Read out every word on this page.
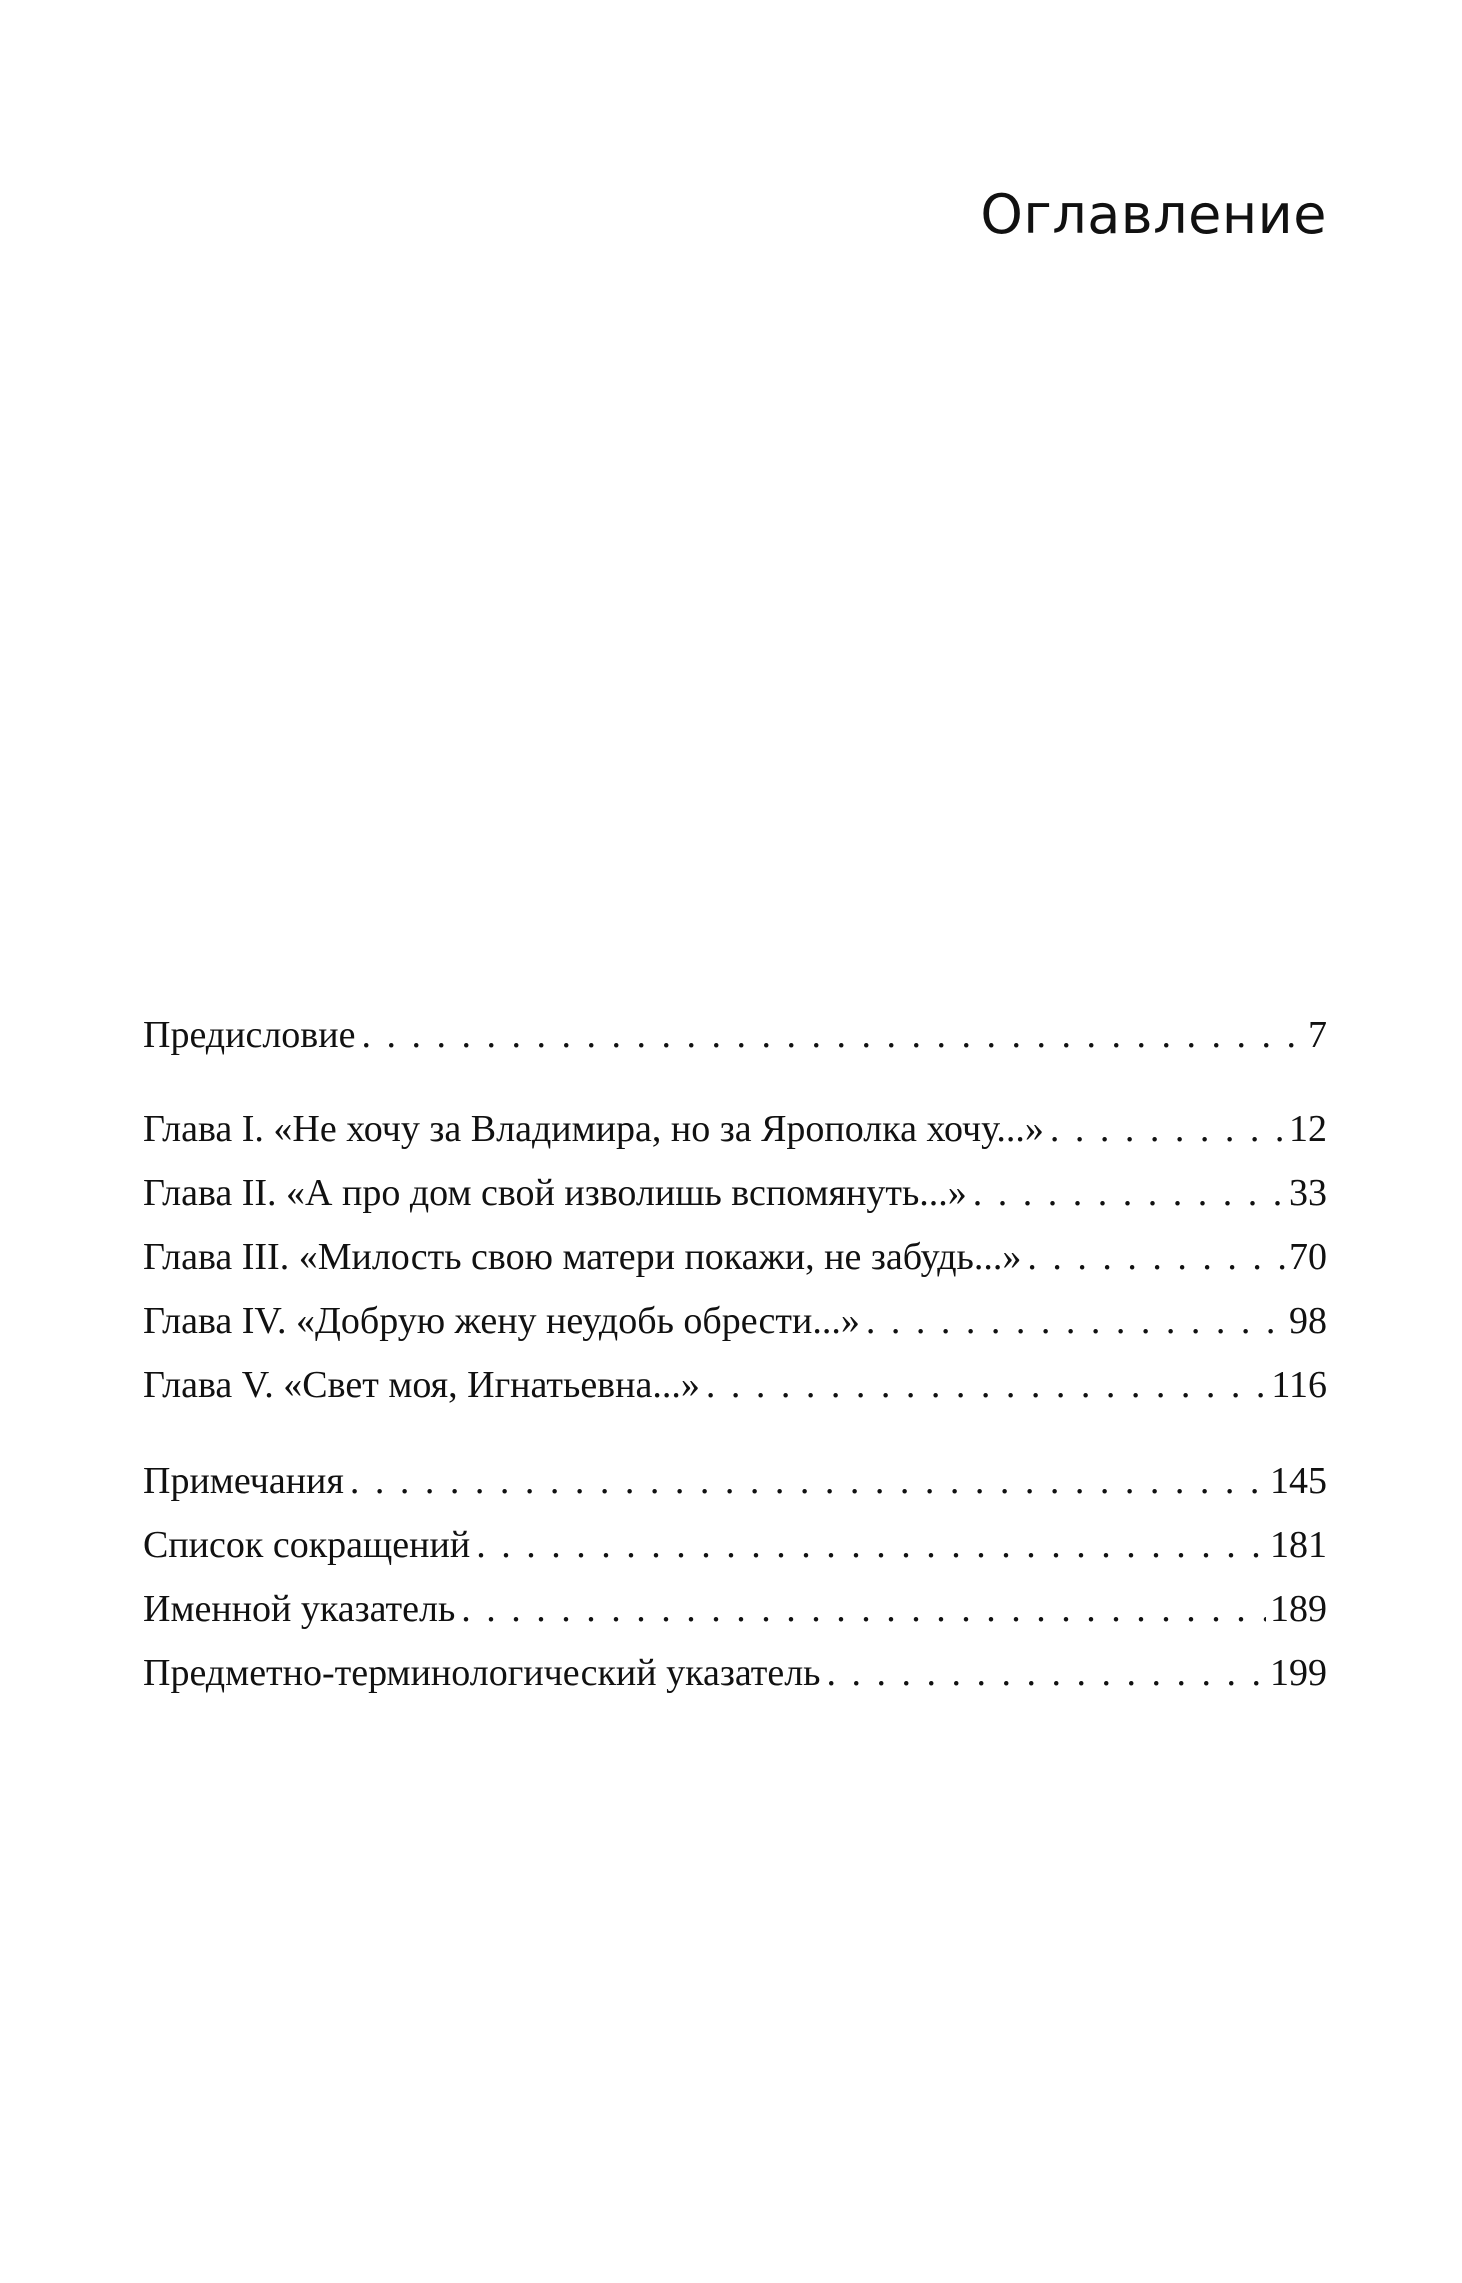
Оглавление
Предисловие . . .	7
Глава I. «Не хочу за Владимира, но за Ярополка хочу...» . . .	12
Глава II. «А про дом свой изволишь вспомянуть...» . . .	33
Глава III. «Милость свою матери покажи, не забудь...» . . .	70
Глава IV. «Добрую жену неудобь обрести...» . . .	98
Глава V. «Свет моя, Игнатьевна...» . . .	116
Примечания . . .	145
Список сокращений . . .	181
Именной указатель . . .	189
Предметно-терминологический указатель . . .	199
